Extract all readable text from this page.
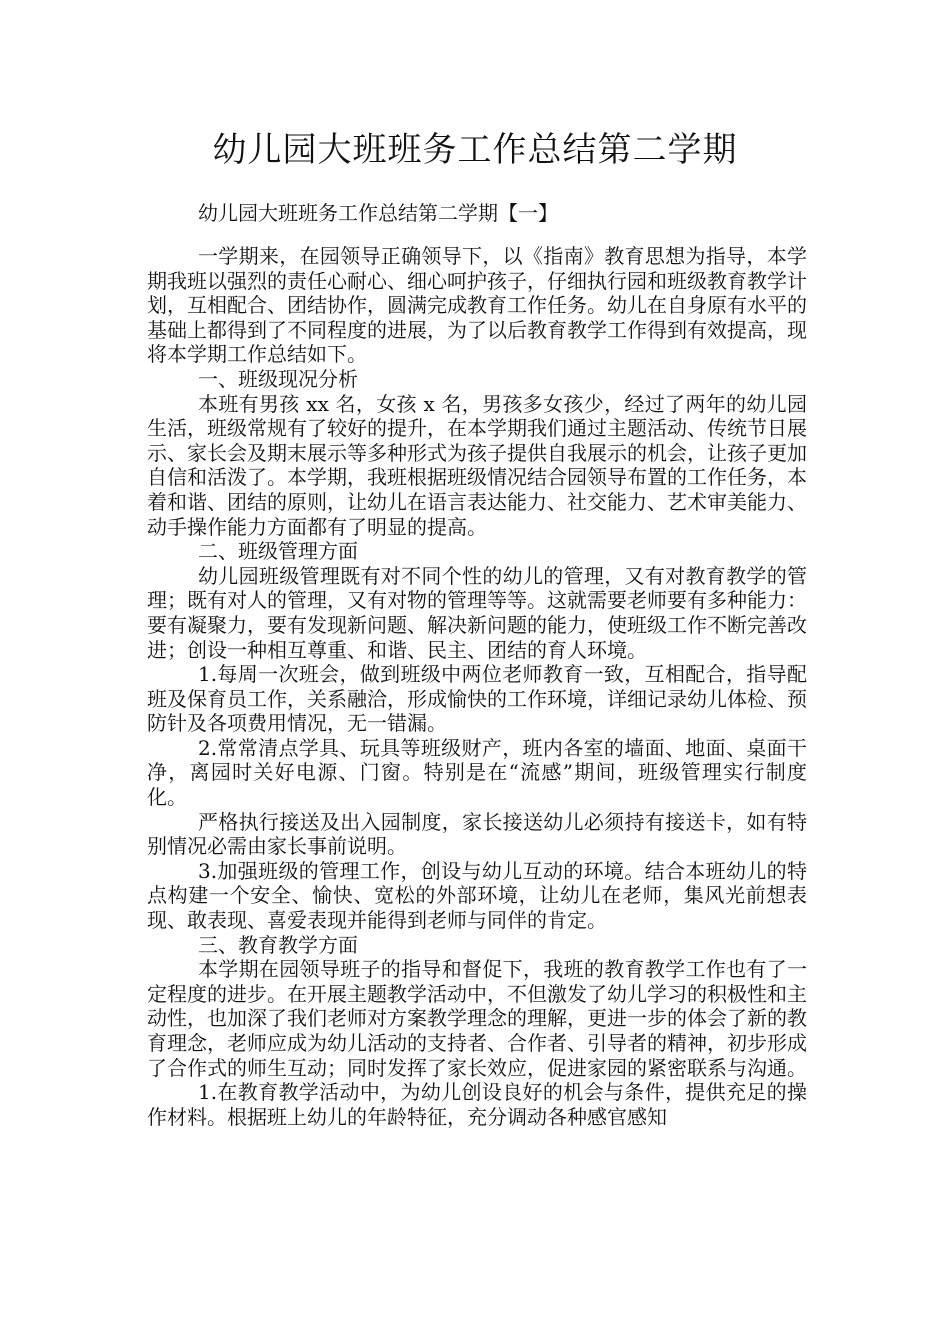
幼儿园大班班务工作总结第二学期
幼儿园大班班务工作总结第二学期【一】

一学期来，在园领导正确领导下，以《指南》教育思想为指导，本学期我班以强烈的责任心耐心、细心呵护孩子，仔细执行园和班级教育教学计划，互相配合、团结协作，圆满完成教育工作任务。幼儿在自身原有水平的基础上都得到了不同程度的进展，为了以后教育教学工作得到有效提高，现将本学期工作总结如下。

一、班级现况分析

本班有男孩 xx 名，女孩 x 名，男孩多女孩少，经过了两年的幼儿园生活，班级常规有了较好的提升，在本学期我们通过主题活动、传统节日展示、家长会及期末展示等多种形式为孩子提供自我展示的机会，让孩子更加自信和活泼了。本学期，我班根据班级情况结合园领导布置的工作任务，本着和谐、团结的原则，让幼儿在语言表达能力、社交能力、艺术审美能力、动手操作能力方面都有了明显的提高。

二、班级管理方面

幼儿园班级管理既有对不同个性的幼儿的管理，又有对教育教学的管理；既有对人的管理，又有对物的管理等等。这就需要老师要有多种能力：要有凝聚力，要有发现新问题、解决新问题的能力，使班级工作不断完善改进；创设一种相互尊重、和谐、民主、团结的育人环境。

1.每周一次班会，做到班级中两位老师教育一致，互相配合，指导配班及保育员工作，关系融洽，形成愉快的工作环境，详细记录幼儿体检、预防针及各项费用情况，无一错漏。

2.常常清点学具、玩具等班级财产，班内各室的墙面、地面、桌面干净，离园时关好电源、门窗。特别是在“流感”期间，班级管理实行制度化。

严格执行接送及出入园制度，家长接送幼儿必须持有接送卡，如有特别情况必需由家长事前说明。

3.加强班级的管理工作，创设与幼儿互动的环境。结合本班幼儿的特点构建一个安全、愉快、宽松的外部环境，让幼儿在老师，集风光前想表现、敢表现、喜爱表现并能得到老师与同伴的肯定。

三、教育教学方面

本学期在园领导班子的指导和督促下，我班的教育教学工作也有了一定程度的进步。在开展主题教学活动中，不但激发了幼儿学习的积极性和主动性，也加深了我们老师对方案教学理念的理解，更进一步的体会了新的教育理念，老师应成为幼儿活动的支持者、合作者、引导者的精神，初步形成了合作式的师生互动；同时发挥了家长效应，促进家园的紧密联系与沟通。

1.在教育教学活动中，为幼儿创设良好的机会与条件，提供充足的操作材料。根据班上幼儿的年龄特征，充分调动各种感官感知
